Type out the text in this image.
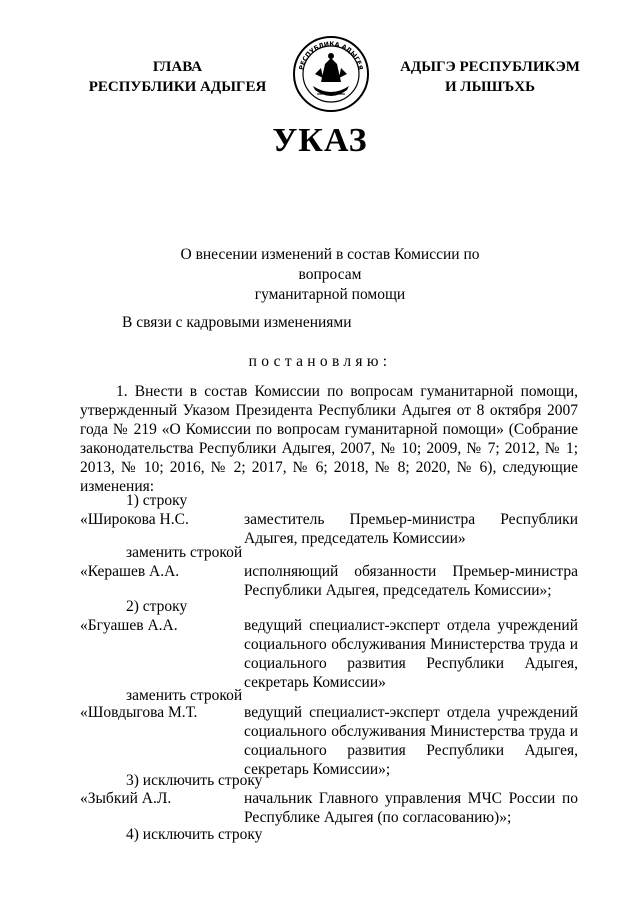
ГЛАВА
РЕСПУБЛИКИ АДЫГЕЯ
РЕСПУБЛИКА АДЫГЕЯ	АДЫГЭ РЕСПУБЛИКЭМ
И ЛЫШЪХЬ
УКАЗ
О внесении изменений в состав Комиссии по вопросам
гуманитарной помощи
В связи с кадровыми изменениями
постановляю:
1. Внести в состав Комиссии по вопросам гуманитарной помощи, утвержденный Указом Президента Республики Адыгея от 8 октября 2007 года № 219 «О Комиссии по вопросам гуманитарной помощи» (Собрание законодательства Республики Адыгея, 2007, № 10; 2009, № 7; 2012, № 1; 2013, № 10; 2016, № 2; 2017, № 6; 2018, № 8; 2020, № 6), следующие изменения:
1) строку
«Широкова Н.С.	заместитель Премьер-министра Республики
Адыгея, председатель Комиссии»
заменить строкой
«Керашев А.А.	исполняющий обязанности Премьер-министра
Республики Адыгея, председатель Комиссии»;
2) строку
«Бгуашев А.А.	ведущий специалист-эксперт отдела учреждений
социального обслуживания Министерства труда и
социального развития Республики Адыгея,
секретарь Комиссии»
заменить строкой
«Шовдыгова М.Т.	ведущий специалист-эксперт отдела учреждений
социального обслуживания Министерства труда и
социального развития Республики Адыгея,
секретарь Комиссии»;
3) исключить строку
«Зыбкий А.Л.	начальник Главного управления МЧС России по
Республике Адыгея (по согласованию)»;
4) исключить строку
